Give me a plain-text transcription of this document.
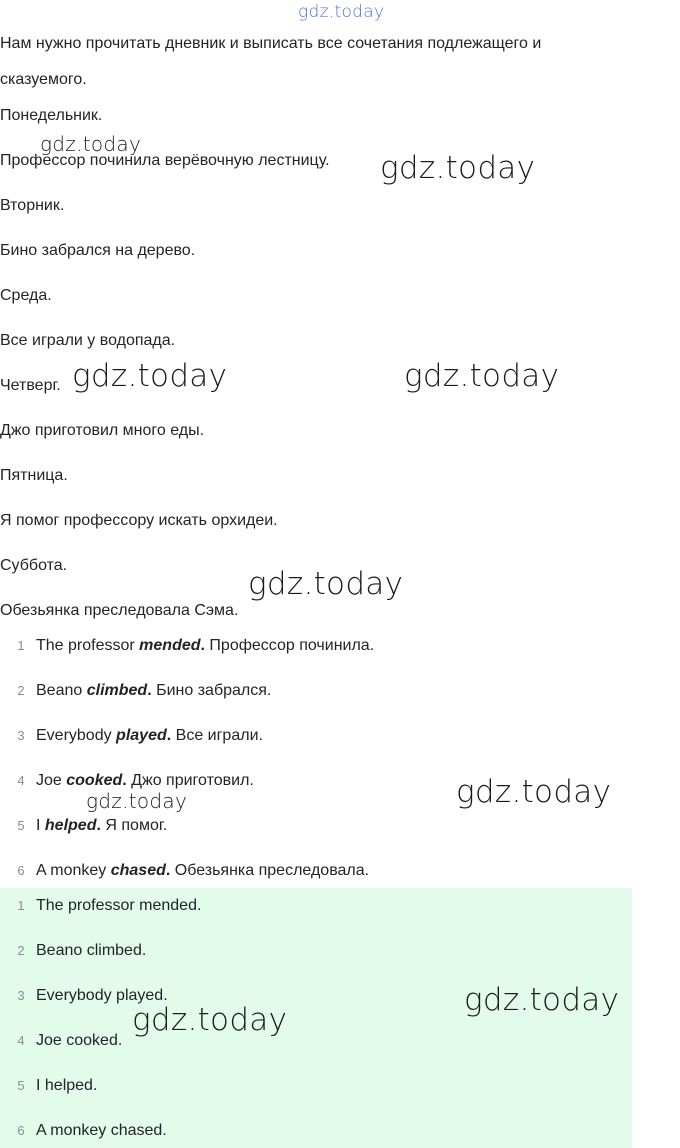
gdz.today

Нам нужно прочитать дневник и выписать все сочетания подлежащего и

сказуемого.

Понедельник.

Профессор починила верёвочную лестницу.

Вторник.

Бино забрался на дерево.

Среда.

Все играли у водопада.

Четверг.

Джо приготовил много еды.

Пятница.

Я помог профессору искать орхидеи.

Суббота.

Обезьянка преследовала Сэма.

1 The professor mended. Профессор починила.
2 Beano climbed. Бино забрался.
3 Everybody played. Все играли.
4 Joe cooked. Джо приготовил.
5 I helped. Я помог.
6 A monkey chased. Обезьянка преследовала.
1 The professor mended.
2 Beano climbed.
3 Everybody played.
4 Joe cooked.
5 I helped.
6 A monkey chased.
gdz.today
gdz.today
gdz.today	gdz.today
gdz.today
gdz.today	gdz.today
gdz.today
gdz.today
